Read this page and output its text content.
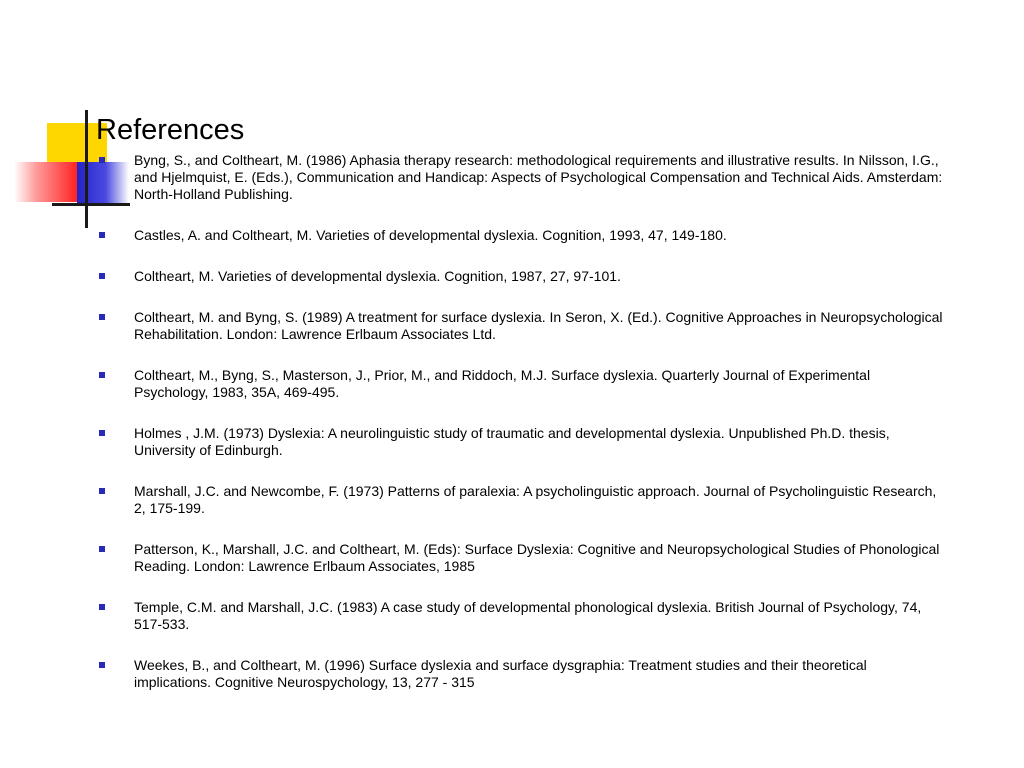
References
Byng, S., and Coltheart, M. (1986) Aphasia therapy research: methodological requirements and illustrative results. In Nilsson, I.G., and Hjelmquist, E. (Eds.), Communication and Handicap: Aspects of Psychological Compensation and Technical Aids. Amsterdam: North-Holland Publishing.
Castles, A. and Coltheart, M. Varieties of developmental dyslexia. Cognition, 1993, 47, 149-180.
Coltheart, M. Varieties of developmental dyslexia. Cognition, 1987, 27, 97-101.
Coltheart, M. and Byng, S. (1989) A treatment for surface dyslexia. In Seron, X. (Ed.). Cognitive Approaches in Neuropsychological Rehabilitation. London: Lawrence Erlbaum Associates Ltd.
Coltheart, M., Byng, S., Masterson, J., Prior, M., and Riddoch, M.J. Surface dyslexia. Quarterly Journal of Experimental Psychology, 1983, 35A, 469-495.
Holmes , J.M. (1973) Dyslexia: A neurolinguistic study of traumatic and developmental dyslexia. Unpublished Ph.D. thesis, University of Edinburgh.
Marshall, J.C. and Newcombe, F. (1973) Patterns of paralexia: A psycholinguistic approach. Journal of Psycholinguistic Research, 2, 175-199.
Patterson, K., Marshall, J.C. and Coltheart, M. (Eds): Surface Dyslexia: Cognitive and Neuropsychological Studies of Phonological Reading. London: Lawrence Erlbaum Associates, 1985
Temple, C.M. and Marshall, J.C. (1983) A case study of developmental phonological dyslexia. British Journal of Psychology, 74, 517-533.
Weekes, B., and Coltheart, M. (1996) Surface dyslexia and surface dysgraphia: Treatment studies and their theoretical implications. Cognitive Neurospychology, 13, 277 - 315
